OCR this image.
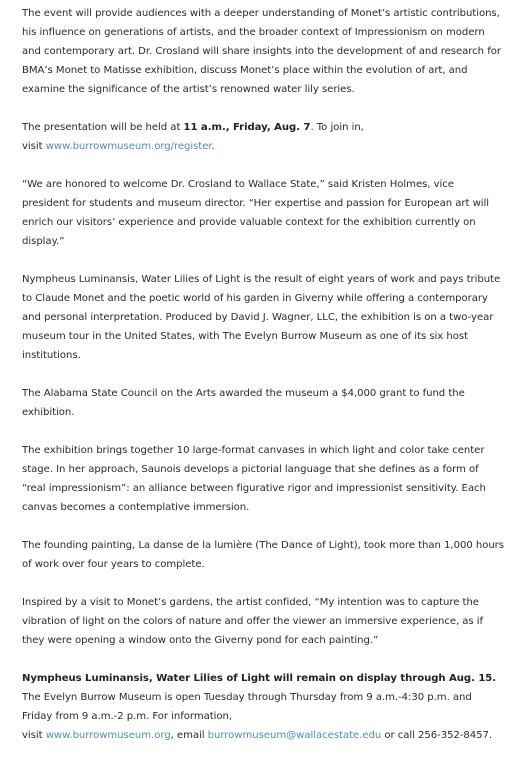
The event will provide audiences with a deeper understanding of Monet’s artistic contributions, his influence on generations of artists, and the broader context of Impressionism on modern and contemporary art. Dr. Crosland will share insights into the development of and research for BMA’s Monet to Matisse exhibition, discuss Monet’s place within the evolution of art, and examine the significance of the artist’s renowned water lily series.

The presentation will be held at 11 a.m., Friday, Aug. 7. To join in,
visit www.burrowmuseum.org/register.

“We are honored to welcome Dr. Crosland to Wallace State,” said Kristen Holmes, vice president for students and museum director. “Her expertise and passion for European art will enrich our visitors’ experience and provide valuable context for the exhibition currently on display.”

Nympheus Luminansis, Water Lilies of Light is the result of eight years of work and pays tribute to Claude Monet and the poetic world of his garden in Giverny while offering a contemporary and personal interpretation. Produced by David J. Wagner, LLC, the exhibition is on a two-year museum tour in the United States, with The Evelyn Burrow Museum as one of its six host institutions.

The Alabama State Council on the Arts awarded the museum a $4,000 grant to fund the exhibition.

The exhibition brings together 10 large-format canvases in which light and color take center stage. In her approach, Saunois develops a pictorial language that she defines as a form of “real impressionism”: an alliance between figurative rigor and impressionist sensitivity. Each canvas becomes a contemplative immersion.

The founding painting, La danse de la lumière (The Dance of Light), took more than 1,000 hours of work over four years to complete.

Inspired by a visit to Monet’s gardens, the artist confided, “My intention was to capture the vibration of light on the colors of nature and offer the viewer an immersive experience, as if they were opening a window onto the Giverny pond for each painting.”

Nympheus Luminansis, Water Lilies of Light will remain on display through Aug. 15. The Evelyn Burrow Museum is open Tuesday through Thursday from 9 a.m.-4:30 p.m. and Friday from 9 a.m.-2 p.m. For information,
visit www.burrowmuseum.org, email burrowmuseum@wallacestate.edu or call 256-352-8457.
